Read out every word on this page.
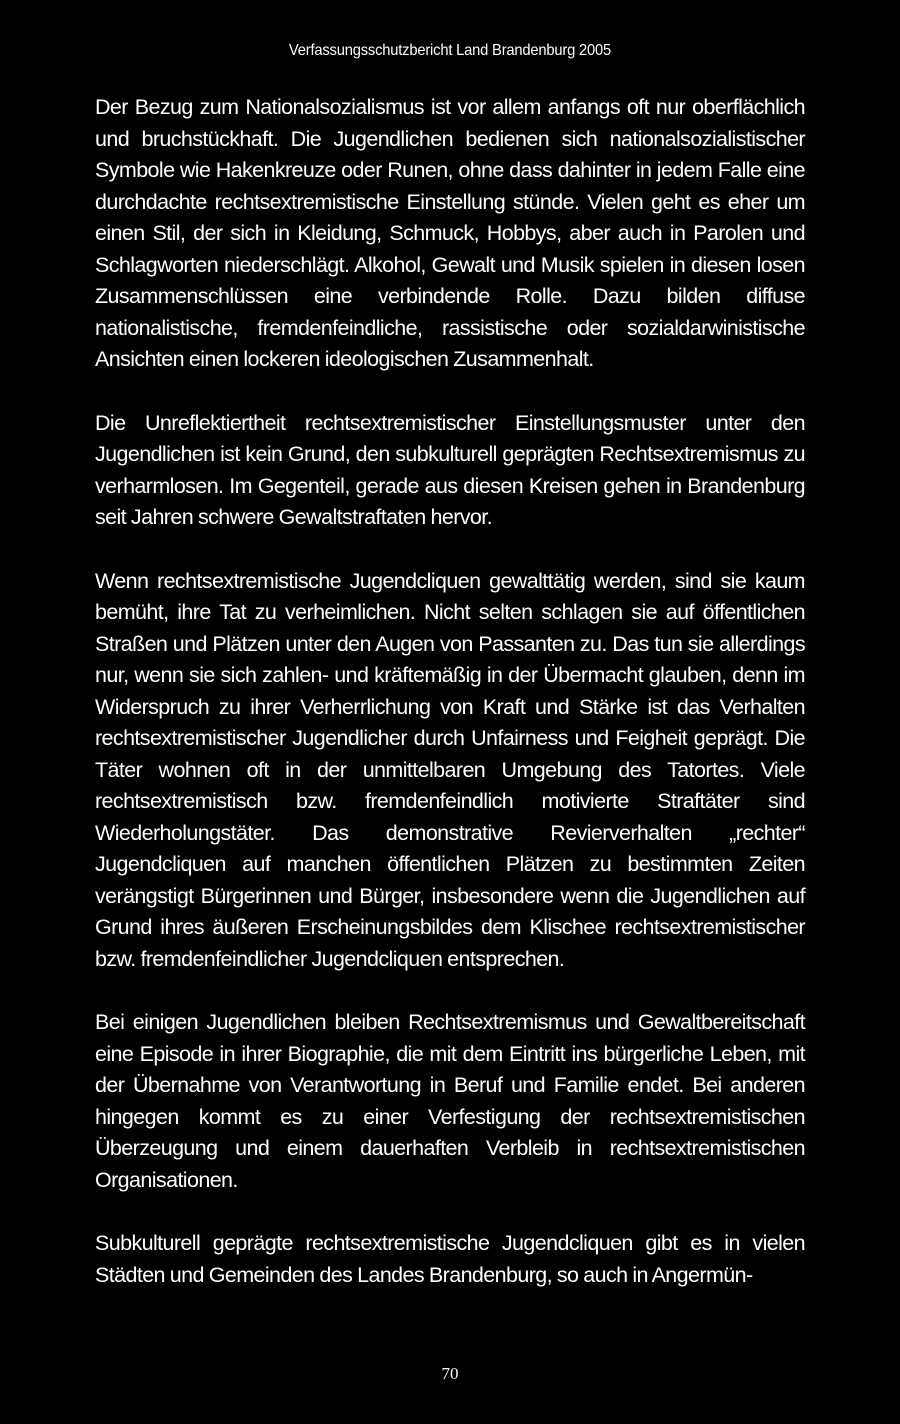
Verfassungsschutzbericht Land Brandenburg 2005

Der Bezug zum Nationalsozialismus ist vor allem anfangs oft nur oberflächlich und bruchstückhaft. Die Jugendlichen bedienen sich nationalsozialistischer Symbole wie Hakenkreuze oder Runen, ohne dass dahinter in jedem Falle eine durchdachte rechtsextremistische Einstellung stünde. Vielen geht es eher um einen Stil, der sich in Kleidung, Schmuck, Hobbys, aber auch in Parolen und Schlagworten niederschlägt. Alkohol, Gewalt und Musik spielen in diesen losen Zusammenschlüssen eine verbindende Rolle. Dazu bilden diffuse nationalistische, fremdenfeindliche, rassistische oder sozialdarwinistische Ansichten einen lockeren ideologischen Zusammenhalt.

Die Unreflektiertheit rechtsextremistischer Einstellungsmuster unter den Jugendlichen ist kein Grund, den subkulturell geprägten Rechtsextremismus zu verharmlosen. Im Gegenteil, gerade aus diesen Kreisen gehen in Brandenburg seit Jahren schwere Gewaltstraftaten hervor.

Wenn rechtsextremistische Jugendcliquen gewalttätig werden, sind sie kaum bemüht, ihre Tat zu verheimlichen. Nicht selten schlagen sie auf öffentlichen Straßen und Plätzen unter den Augen von Passanten zu. Das tun sie allerdings nur, wenn sie sich zahlen- und kräftemäßig in der Übermacht glauben, denn im Widerspruch zu ihrer Verherrlichung von Kraft und Stärke ist das Verhalten rechtsextremistischer Jugendlicher durch Unfairness und Feigheit geprägt. Die Täter wohnen oft in der unmittelbaren Umgebung des Tatortes. Viele rechtsextremistisch bzw. fremdenfeindlich motivierte Straftäter sind Wiederholungstäter. Das demonstrative Revierverhalten „rechter“ Jugendcliquen auf manchen öffentlichen Plätzen zu bestimmten Zeiten verängstigt Bürgerinnen und Bürger, insbesondere wenn die Jugendlichen auf Grund ihres äußeren Erscheinungsbildes dem Klischee rechtsextremistischer bzw. fremdenfeindlicher Jugendcliquen entsprechen.

Bei einigen Jugendlichen bleiben Rechtsextremismus und Gewaltbereitschaft eine Episode in ihrer Biographie, die mit dem Eintritt ins bürgerliche Leben, mit der Übernahme von Verantwortung in Beruf und Familie endet. Bei anderen hingegen kommt es zu einer Verfestigung der rechtsextremistischen Überzeugung und einem dauerhaften Verbleib in rechtsextremistischen Organisationen.

Subkulturell geprägte rechtsextremistische Jugendcliquen gibt es in vielen Städten und Gemeinden des Landes Brandenburg, so auch in Angermün-

70
